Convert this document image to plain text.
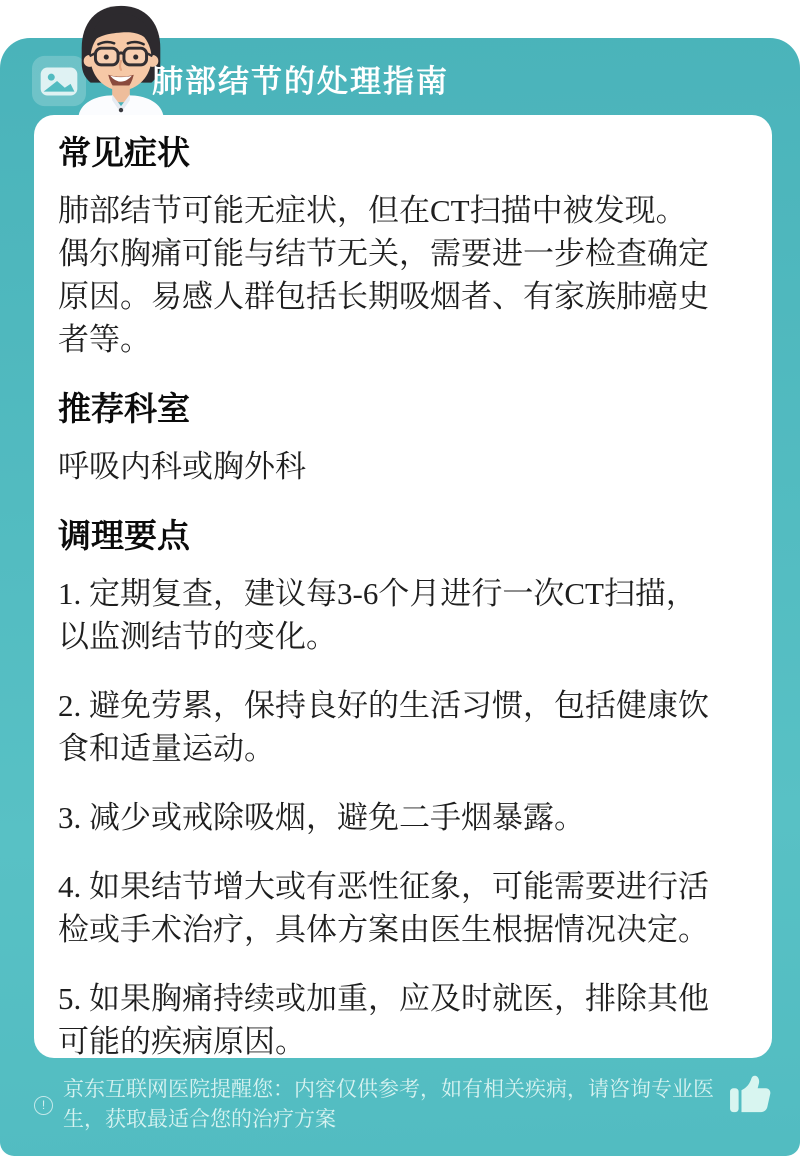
肺部结节的处理指南
常见症状

肺部结节可能无症状，但在CT扫描中被发现。偶尔胸痛可能与结节无关，需要进一步检查确定原因。易感人群包括长期吸烟者、有家族肺癌史者等。

推荐科室

呼吸内科或胸外科

调理要点

1. 定期复查，建议每3-6个月进行一次CT扫描，以监测结节的变化。

2. 避免劳累，保持良好的生活习惯，包括健康饮食和适量运动。

3. 减少或戒除吸烟，避免二手烟暴露。

4. 如果结节增大或有恶性征象，可能需要进行活检或手术治疗，具体方案由医生根据情况决定。

5. 如果胸痛持续或加重，应及时就医，排除其他可能的疾病原因。

!
京东互联网医院提醒您：内容仅供参考，如有相关疾病，请咨询专业医生，获取最适合您的治疗方案
